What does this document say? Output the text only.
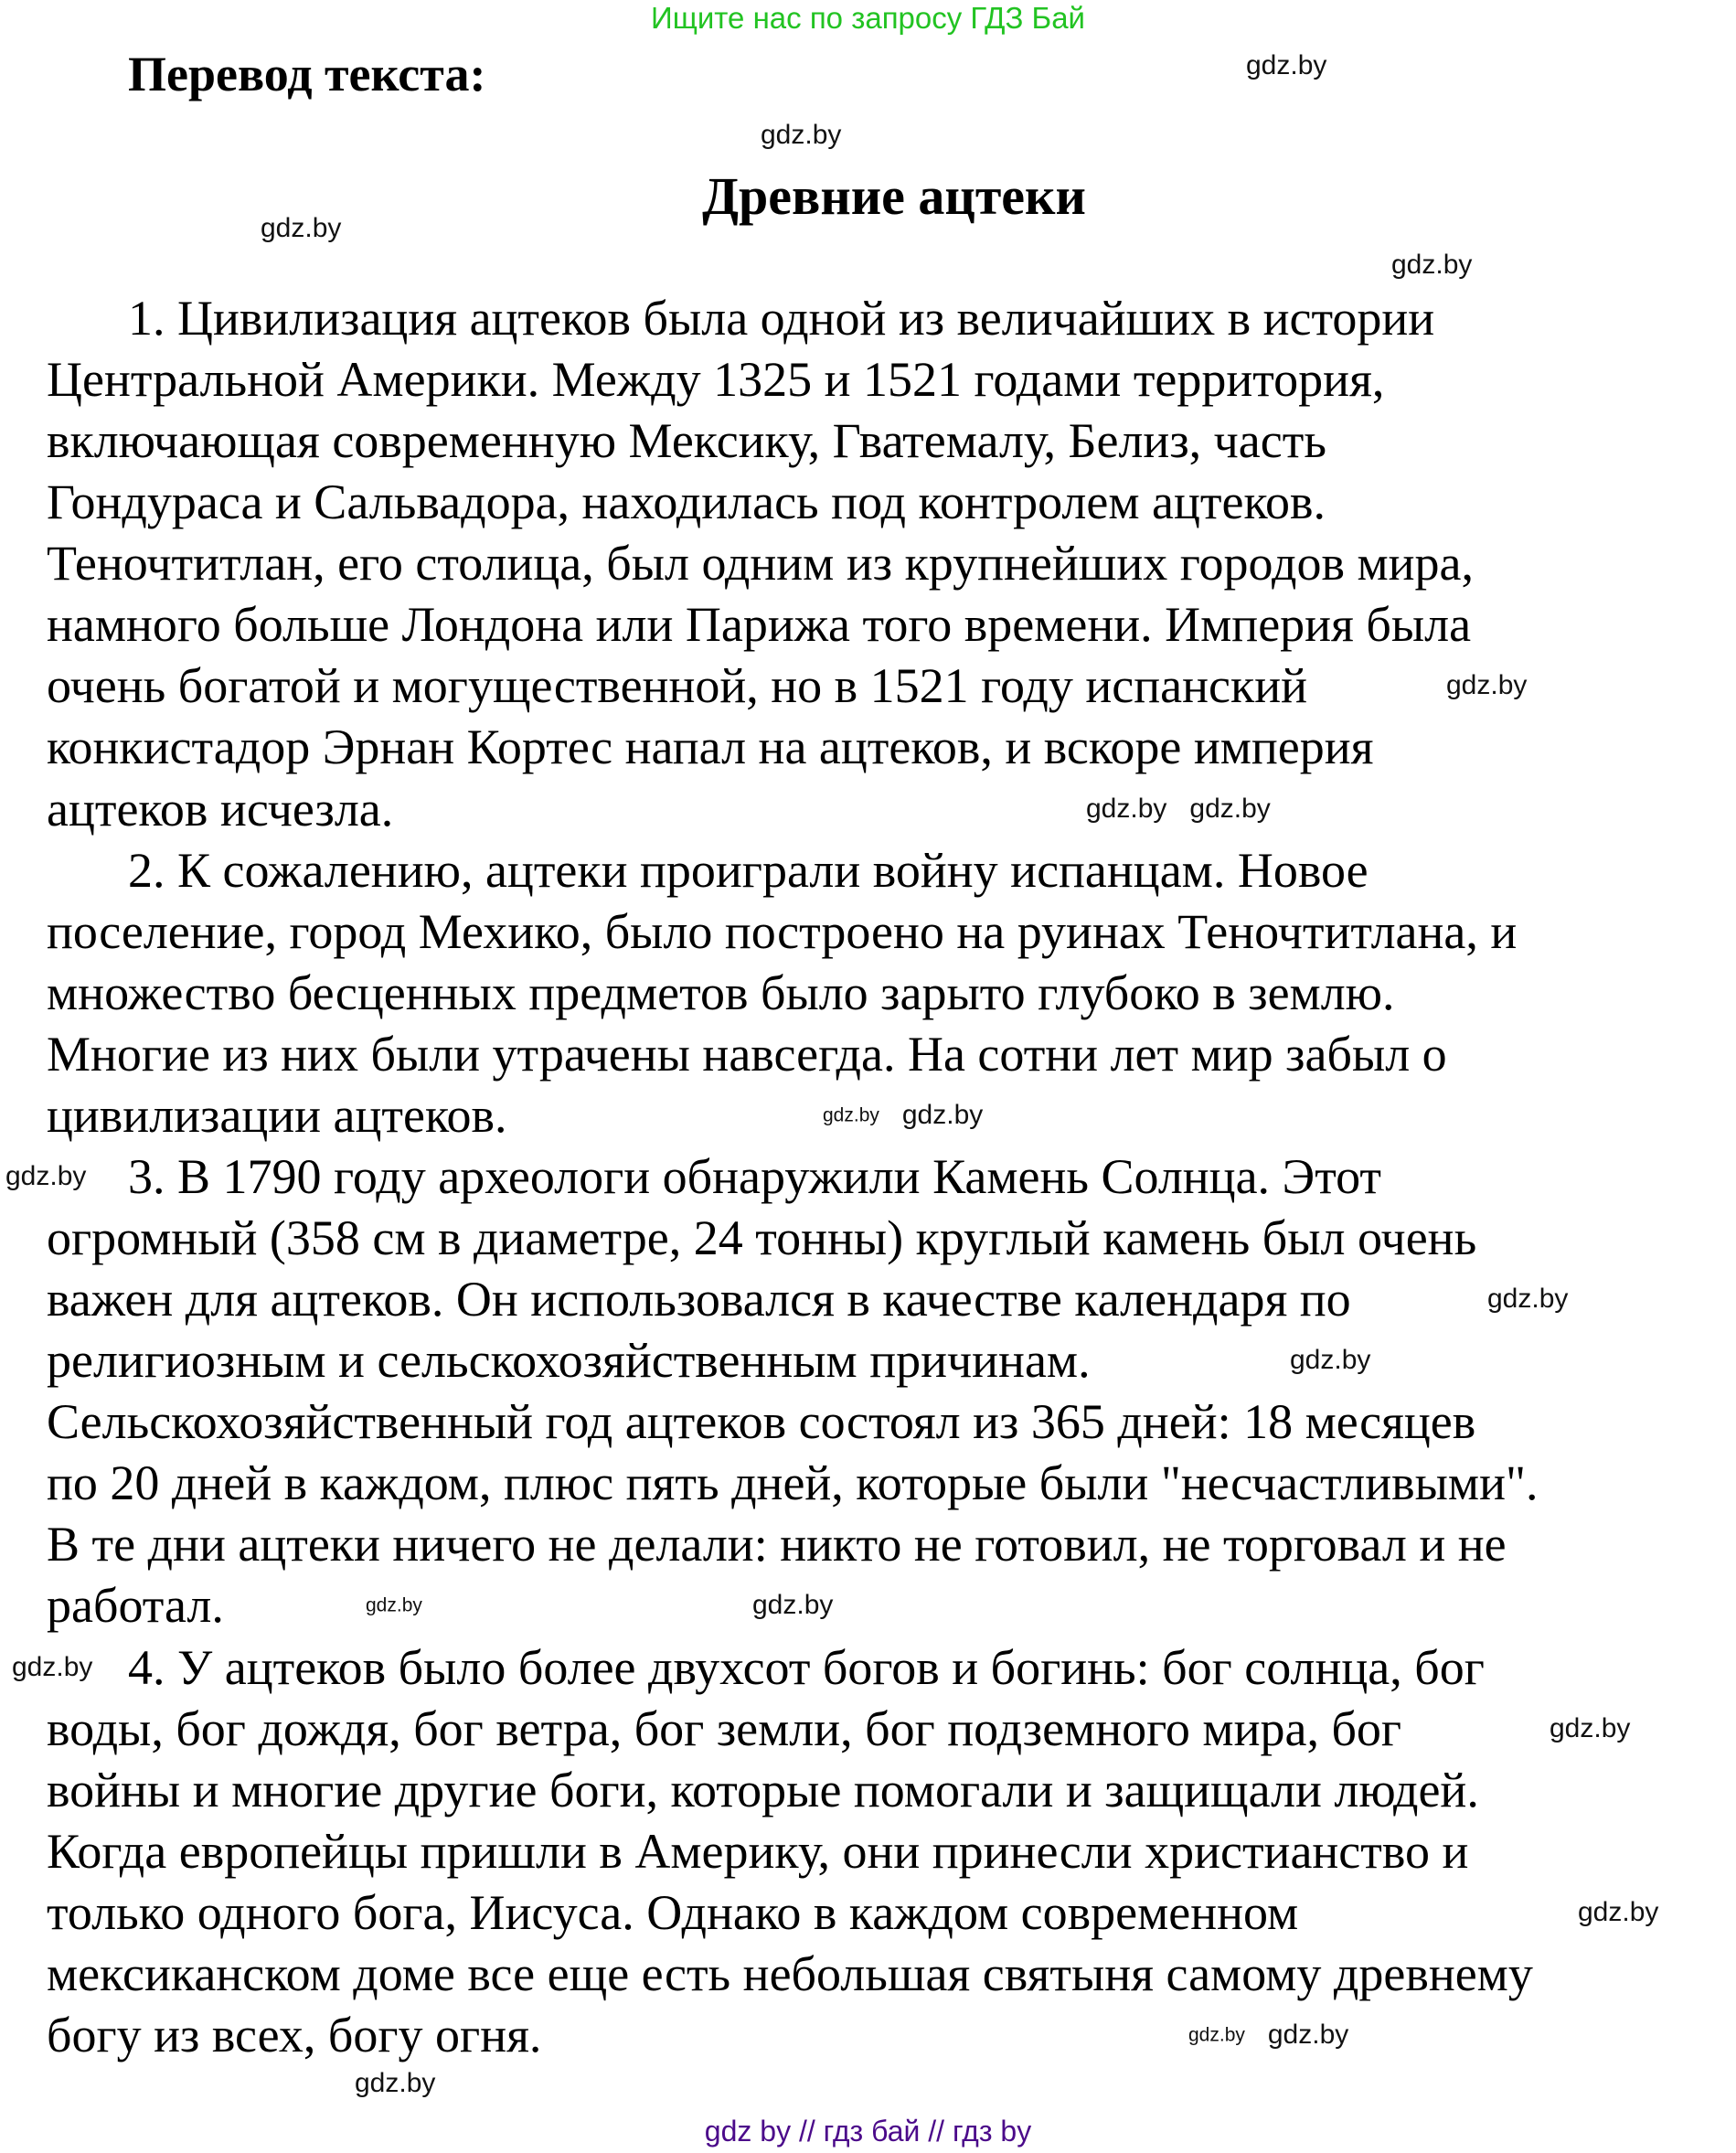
Ищите нас по запросу ГДЗ Бай
Перевод текста:
Древние ацтеки
1. Цивилизация ацтеков была одной из величайших в истории
Центральной Америки. Между 1325 и 1521 годами территория,
включающая современную Мексику, Гватемалу, Белиз, часть
Гондураса и Сальвадора, находилась под контролем ацтеков.
Теночтитлан, его столица, был одним из крупнейших городов мира,
намного больше Лондона или Парижа того времени. Империя была
очень богатой и могущественной, но в 1521 году испанский
конкистадор Эрнан Кортес напал на ацтеков, и вскоре империя
ацтеков исчезла.
2. К сожалению, ацтеки проиграли войну испанцам. Новое
поселение, город Мехико, было построено на руинах Теночтитлана, и
множество бесценных предметов было зарыто глубоко в землю.
Многие из них были утрачены навсегда. На сотни лет мир забыл о
цивилизации ацтеков.
3. В 1790 году археологи обнаружили Камень Солнца. Этот
огромный (358 см в диаметре, 24 тонны) круглый камень был очень
важен для ацтеков. Он использовался в качестве календаря по
религиозным и сельскохозяйственным причинам.
Сельскохозяйственный год ацтеков состоял из 365 дней: 18 месяцев
по 20 дней в каждом, плюс пять дней, которые были "несчастливыми".
В те дни ацтеки ничего не делали: никто не готовил, не торговал и не
работал.
4. У ацтеков было более двухсот богов и богинь: бог солнца, бог
воды, бог дождя, бог ветра, бог земли, бог подземного мира, бог
войны и многие другие боги, которые помогали и защищали людей.
Когда европейцы пришли в Америку, они принесли христианство и
только одного бога, Иисуса. Однако в каждом современном
мексиканском доме все еще есть небольшая святыня самому древнему
богу из всех, богу огня.
gdz.by
gdz.by
gdz.by
gdz.by
gdz.by
gdz.by
gdz.by
gdz.by
gdz.by gdz.by
gdz.by
gdz.by gdz.by
gdz.by
gdz.by
gdz.by
gdz.by
gdz.by
gdz.by
gdz.by
gdz by // гдз бай // гдз by
